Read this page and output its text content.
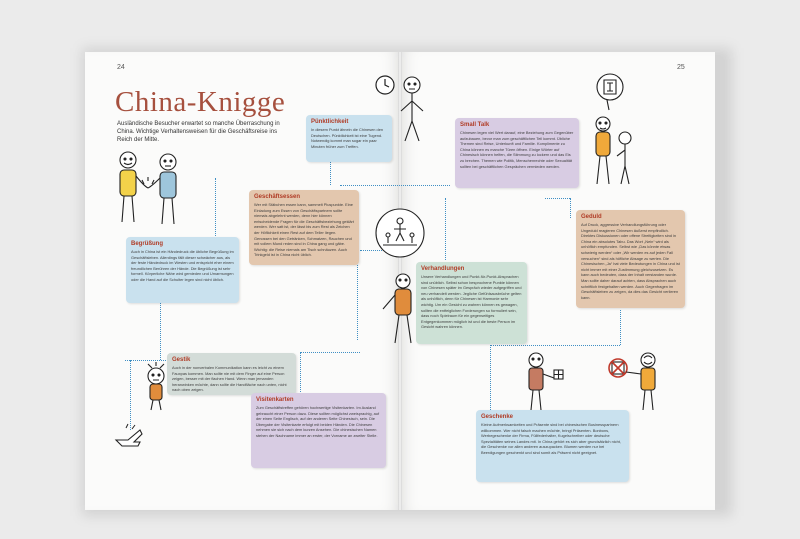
24	25
China-Knigge
Ausländische Besucher erwartet so manche Überraschung in China. Wichtige Verhaltensweisen für die Geschäftsreise ins Reich der Mitte.
Pünktlichkeit

In diesem Punkt ähneln die Chinesen den Deutschen. Pünktlichkeit ist eine Tugend. Notwendig kommt man sogar ein paar Minuten früher zum Treffen.

Geschäftsessen

Wer mit Stäbchen essen kann, sammelt Pluspunkte. Eine Einladung zum Essen von Geschäftspartnern sollte niemals abgelehnt werden, denn hier können entscheidende Fragen für die Geschäftsbeziehung geklärt werden. Wer satt ist, der lässt bis zum Rest als Zeichen der Höflichkeit einen Rest auf dem Teller liegen. Genossen bei den Getränken, Schmatzen, Rauchen und mit vollem Mund reden sind in China gang und gäbe. Wichtig: die Reise niemals am Tisch schnäuzen. Auch Trinkgeld ist in China nicht üblich.

Begrüßung

Auch in China ist ein Händedruck die übliche Begrüßung im Geschäftsleben. Allerdings fällt dieser schwächer aus, als der feste Händedruck im Westen und entspricht eher einem freundlichen Berühren der Hände. Die Begrüßung ist sehr formell. Körperliche Nähe wird gemieden und Umarmungen oder die Hand auf die Schulter legen sind nicht üblich.

Gestik

Auch in der nonverbalen Kommunikation kann es leicht zu einem Fauxpas kommen. Man sollte nie mit dem Finger auf eine Person zeigen, besser mit der flachen Hand. Wenn man jemanden heranwinken möchte, dann sollte die Handfläche nach unten, nicht nach oben zeigen.

Visitenkarten

Zum Geschäftstreffen gehören hochwertige Visitenkarten. Im Ausland gebraucht einer Person dazu. Diese sollten möglichst zweisprachig, auf der einen Seite Englisch, auf der anderen Seite Chinesisch, sein. Die Übergabe der Visitenkarte erfolgt mit beiden Händen. Die Chinesen nehmen sie sich nach dem kurzen Ansehen. Die chinesischen Namen stehen der Nachname immer an erster, der Vorname an zweiter Stelle.

Small Talk

Chinesen legen viel Wert darauf, eine Beziehung zum Gegenüber aufzubauen, bevor man zum geschäftlichen Teil kommt. Übliche Themen sind Reise, Unterkunft und Familie. Komplimente zu China können es manche Türen öffnen. Einige Wörter auf Chinesisch können helfen, die Stimmung zu lockern und das Eis zu brechen. Themen wie Politik, Menschenrechte oder Sexualität sollten bei geschäftlichen Gesprächen vermieden werden.

Geduld

Auf Druck, aggressive Verhandlungsführung oder Ungeduld reagieren Chinesen äußerst empfindlich. Direktes Diskussionen oder offene Streitigkeiten sind in China ein absolutes Tabu. Das Wort „Nein“ wird als unhöflich empfunden. Selbst wie „Das könnte etwas schwierig werden“ oder „Wir werden es auf jeden Fall versuchen“ sind als höfliche Absage zu werten. Die Chinesischen „Ja“ hat viele Bedeutungen in China und ist nicht immer mit einer Zustimmung gleichzusetzen. Es kann auch bedeuten, dass der Inhalt verstanden wurde. Man sollte daher darauf achten, dass Absprachen auch schriftlich festgehalten werden. Auch Gegenfragen im Geschäftsleben zu zeigen, da dies das Gesicht verlieren kann.

Verhandlungen

Unsere Verhandlungen und Punkt-für-Punkt-Absprachen sind unüblich. Selbst schon besprochene Punkte können von Chinesen später im Gespräch wieder aufgegriffen und neu verhandelt werden. Jegliche Gefühlsausbrüche gelten als unhöflich, denn für Chinesen ist Harmonie sehr wichtig. Um ein Gesicht zu wahren können es gewagen, sollten die entfeiglichen Forderungen so formuliert sein, dass noch Spielraum für ein gegenseitiges Entgegenkommen möglich ist und die beste Person im Gesicht wahren können.

Geschenke

Kleine Aufmerksamkeiten und Präsente sind bei chinesischen Businesspartnern willkommen. Wer nicht falsch machen möchte, bringt Präsenten. Bonbons, Werbegeschenke der Firma, Füllfederhalter, Kugelschreiber oder deutsche Spezialitäten seines Landes mit. In China gehört es sich aber grundsätzlich nicht, die Geschenke vor allen anderen auszupacken. Blumen werden nur bei Beerdigungen geschenkt und sind somit als Präsent nicht geeignet.
